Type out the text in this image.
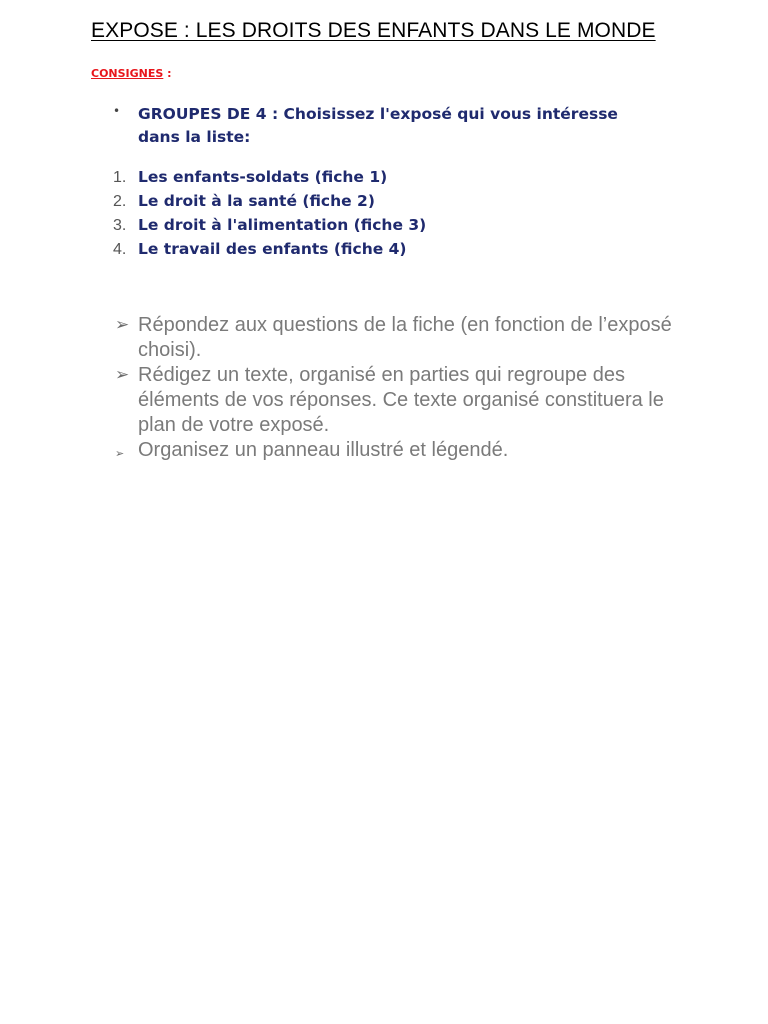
EXPOSE : LES DROITS DES ENFANTS DANS LE MONDE
CONSIGNES :
• GROUPES DE 4 : Choisissez l'exposé qui vous intéresse dans la liste:
1. Les enfants-soldats (fiche 1)
2. Le droit à la santé (fiche 2)
3. Le droit à l'alimentation (fiche 3)
4. Le travail des enfants (fiche 4)
➢ Répondez aux questions de la fiche (en fonction de l’exposé choisi).
➢ Rédigez un texte, organisé en parties qui regroupe des éléments de vos réponses. Ce texte organisé constituera le plan de votre exposé.
➢ Organisez un panneau illustré et légendé.
